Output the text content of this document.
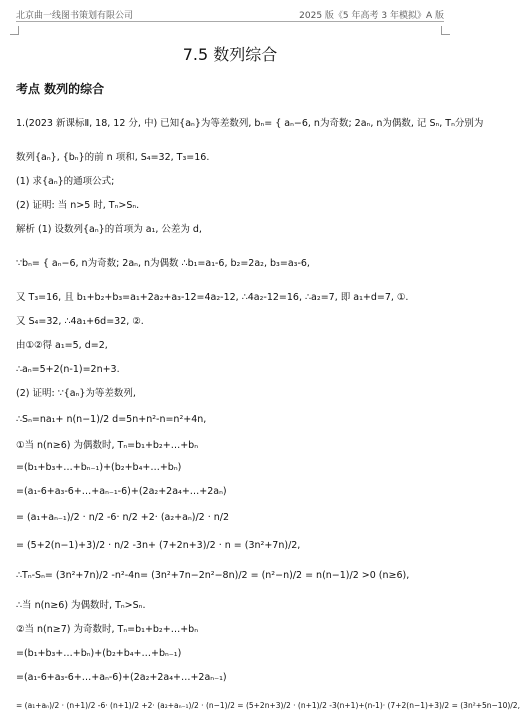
北京曲一线图书策划有限公司	2025 版《5 年高考 3 年模拟》A 版
7.5 数列综合
考点 数列的综合
1.(2023 新课标Ⅱ, 18, 12 分, 中) 已知{aₙ}为等差数列, bₙ= { aₙ−6, n为奇数; 2aₙ, n为偶数, 记 Sₙ, Tₙ分别为
数列{aₙ}, {bₙ}的前 n 项和, S₄=32, T₃=16.
(1) 求{aₙ}的通项公式;
(2) 证明: 当 n>5 时, Tₙ>Sₙ.
解析 (1) 设数列{aₙ}的首项为 a₁, 公差为 d,
∵bₙ= { aₙ−6, n为奇数; 2aₙ, n为偶数 ∴b₁=a₁-6, b₂=2a₂, b₃=a₃-6,
又 T₃=16, 且 b₁+b₂+b₃=a₁+2a₂+a₃-12=4a₂-12, ∴4a₂-12=16, ∴a₂=7, 即 a₁+d=7, ①.
又 S₄=32, ∴4a₁+6d=32, ②.
由①②得 a₁=5, d=2,
∴aₙ=5+2(n-1)=2n+3.
(2) 证明: ∵{aₙ}为等差数列,
∴Sₙ=na₁+ n(n−1)/2 d=5n+n²-n=n²+4n,
①当 n(n≥6) 为偶数时, Tₙ=b₁+b₂+…+bₙ
=(b₁+b₃+…+bₙ₋₁)+(b₂+b₄+…+bₙ)
=(a₁-6+a₃-6+…+aₙ₋₁-6)+(2a₂+2a₄+…+2aₙ)
= (a₁+aₙ₋₁)/2 · n/2 -6· n/2 +2· (a₂+aₙ)/2 · n/2
= (5+2(n−1)+3)/2 · n/2 -3n+ (7+2n+3)/2 · n = (3n²+7n)/2,
∴Tₙ-Sₙ= (3n²+7n)/2 -n²-4n= (3n²+7n−2n²−8n)/2 = (n²−n)/2 = n(n−1)/2 >0 (n≥6),
∴当 n(n≥6) 为偶数时, Tₙ>Sₙ.
②当 n(n≥7) 为奇数时, Tₙ=b₁+b₂+…+bₙ
=(b₁+b₃+…+bₙ)+(b₂+b₄+…+bₙ₋₁)
=(a₁-6+a₃-6+…+aₙ-6)+(2a₂+2a₄+…+2aₙ₋₁)
= (a₁+aₙ)/2 · (n+1)/2 -6· (n+1)/2 +2· (a₂+aₙ₋₁)/2 · (n−1)/2 = (5+2n+3)/2 · (n+1)/2 -3(n+1)+(n-1)· (7+2(n−1)+3)/2 = (3n²+5n−10)/2,
